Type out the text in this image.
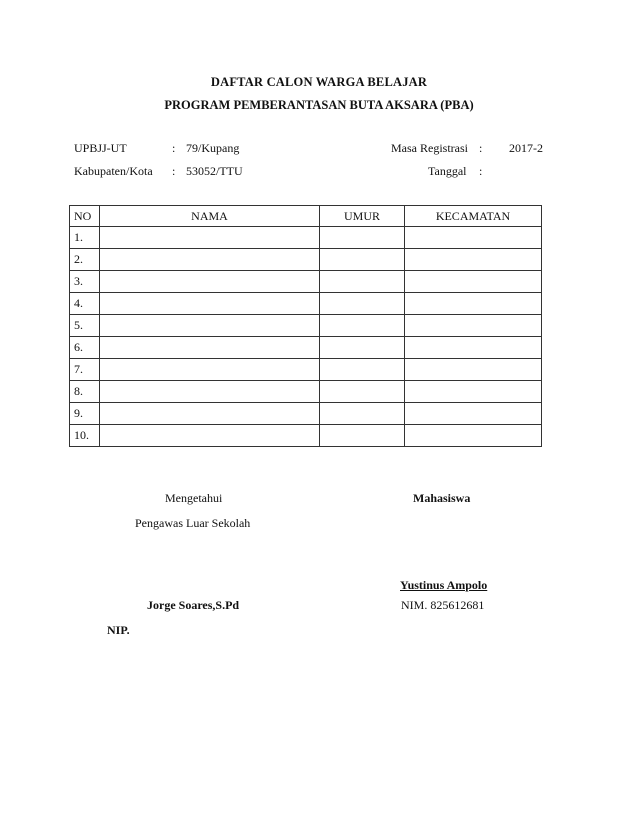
DAFTAR CALON WARGA BELAJAR
PROGRAM PEMBERANTASAN BUTA AKSARA (PBA)
UPBJJ-UT	: 79/Kupang	Masa Registrasi : 2017-2
Kabupaten/Kota : 53052/TTU	Tanggal :
NO	NAMA	UMUR	KECAMATAN
1.			
2.			
3.			
4.			
5.			
6.			
7.			
8.			
9.			
10.			
Mengetahui
Pengawas Luar Sekolah
Jorge Soares,S.Pd
NIP.
Mahasiswa
Yustinus Ampolo
NIM. 825612681
